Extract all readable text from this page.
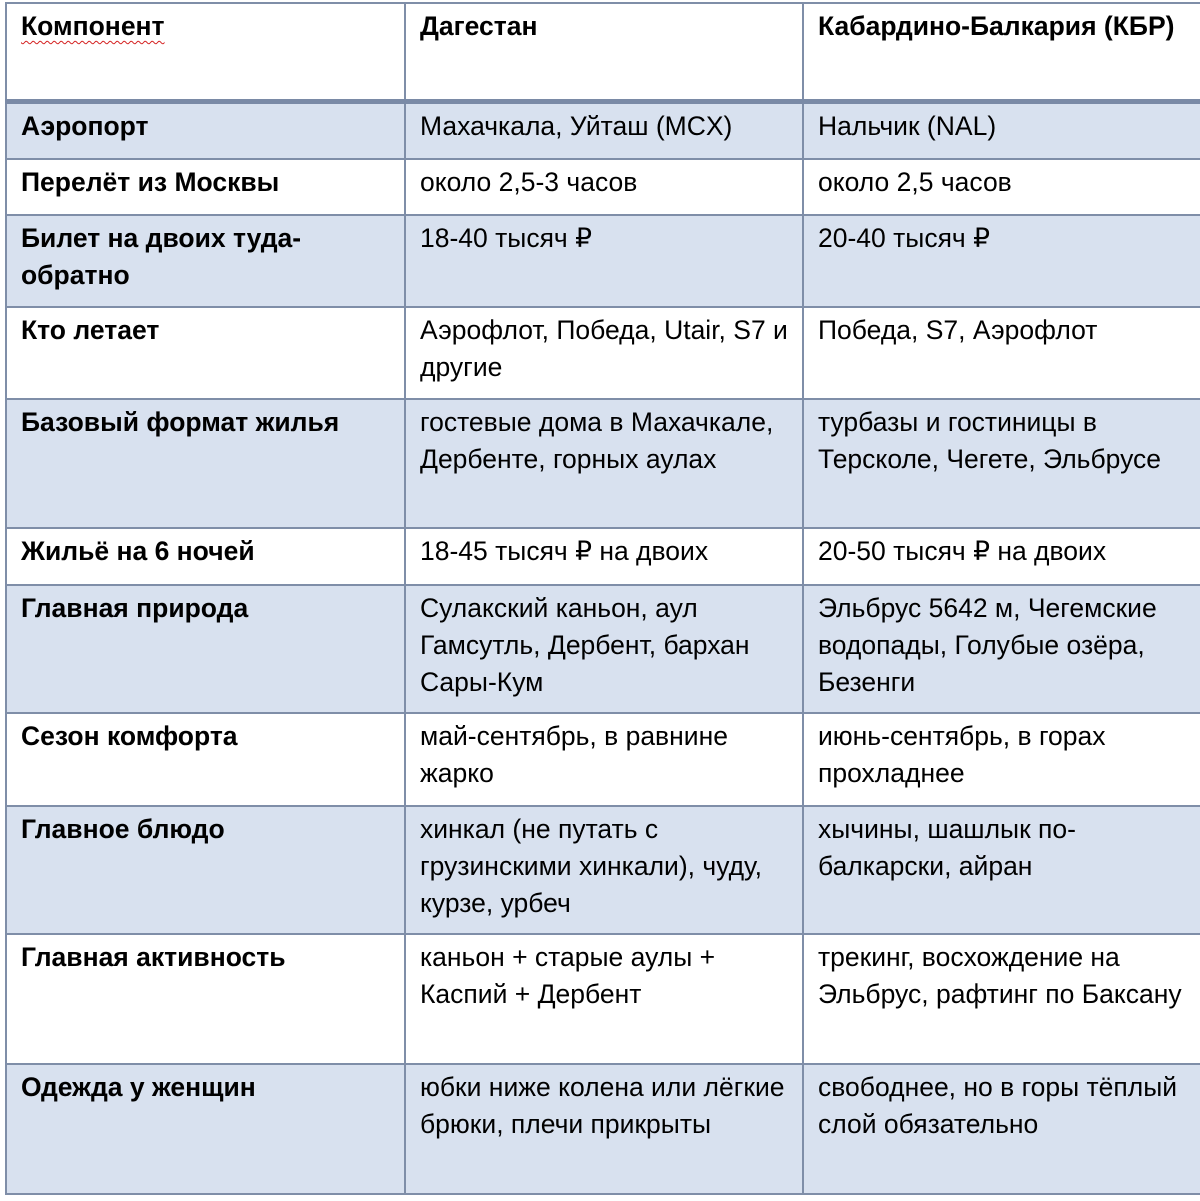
Компонент	Дагестан	Кабардино-Балкария (КБР)
Аэропорт	Махачкала, Уйташ (MCX)	Нальчик (NAL)
Перелёт из Москвы	около 2,5-3 часов	около 2,5 часов
Билет на двоих туда-обратно	18-40 тысяч ₽	20-40 тысяч ₽
Кто летает	Аэрофлот, Победа, Utair, S7 и другие	Победа, S7, Аэрофлот
Базовый формат жилья	гостевые дома в Махачкале, Дербенте, горных аулах	турбазы и гостиницы в Терсколе, Чегете, Эльбрусе
Жильё на 6 ночей	18-45 тысяч ₽ на двоих	20-50 тысяч ₽ на двоих
Главная природа	Сулакский каньон, аул Гамсутль, Дербент, бархан Сары-Кум	Эльбрус 5642 м, Чегемские водопады, Голубые озёра, Безенги
Сезон комфорта	май-сентябрь, в равнине жарко	июнь-сентябрь, в горах прохладнее
Главное блюдо	хинкал (не путать с грузинскими хинкали), чуду, курзе, урбеч	хычины, шашлык по-балкарски, айран
Главная активность	каньон + старые аулы + Каспий + Дербент	трекинг, восхождение на Эльбрус, рафтинг по Баксану
Одежда у женщин	юбки ниже колена или лёгкие брюки, плечи прикрыты	свободнее, но в горы тёплый слой обязательно
